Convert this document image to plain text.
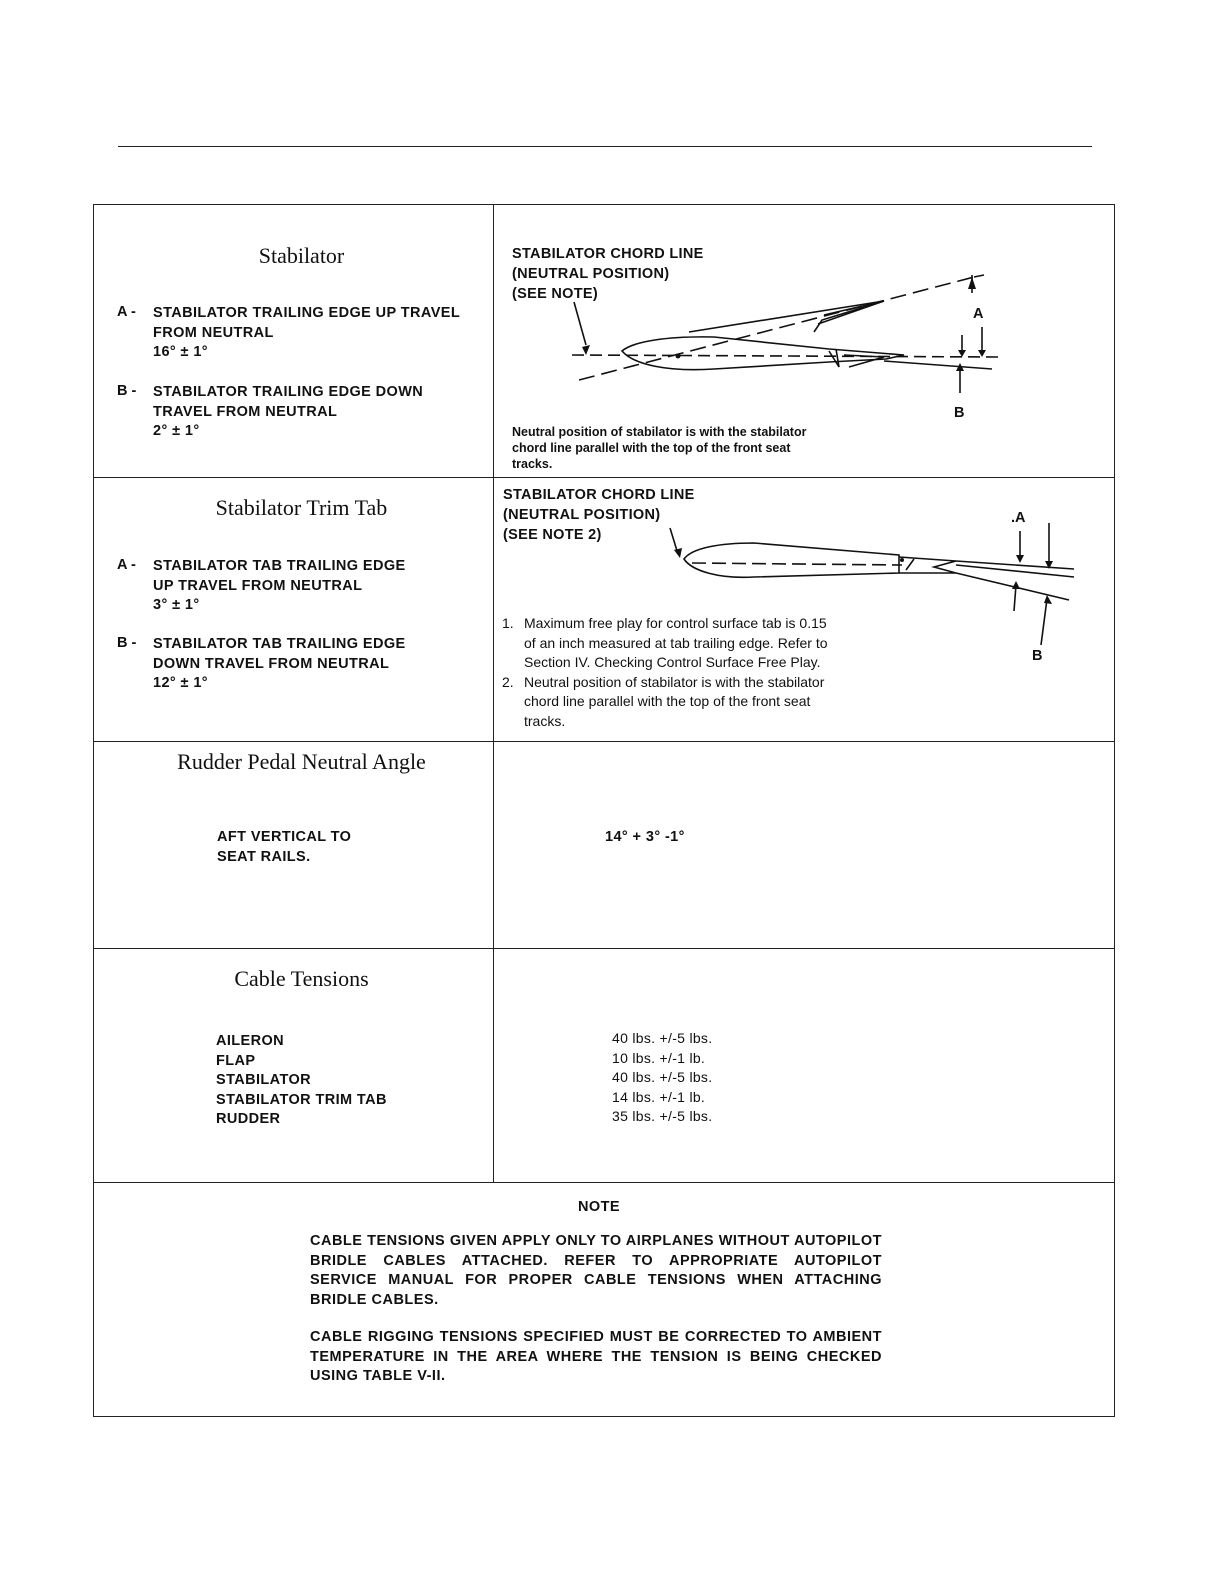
Stabilator
A - STABILATOR TRAILING EDGE UP TRAVEL
FROM NEUTRAL
16° ± 1°
B - STABILATOR TRAILING EDGE DOWN
TRAVEL FROM NEUTRAL
2° ± 1°
STABILATOR CHORD LINE
(NEUTRAL POSITION)
(SEE NOTE)
A
B
Neutral position of stabilator is with the stabilator
chord line parallel with the top of the front seat
tracks.
Stabilator Trim Tab
A - STABILATOR TAB TRAILING EDGE
UP TRAVEL FROM NEUTRAL
3° ± 1°
B - STABILATOR TAB TRAILING EDGE
DOWN TRAVEL FROM NEUTRAL
12° ± 1°
STABILATOR CHORD LINE
(NEUTRAL POSITION)
(SEE NOTE 2)
.A
B
1. Maximum free play for control surface tab is 0.15
of an inch measured at tab trailing edge. Refer to
Section IV. Checking Control Surface Free Play.
2. Neutral position of stabilator is with the stabilator
chord line parallel with the top of the front seat
tracks.
Rudder Pedal Neutral Angle
AFT VERTICAL TO
SEAT RAILS.
14° + 3° -1°
Cable Tensions
AILERON
FLAP
STABILATOR
STABILATOR TRIM TAB
RUDDER
40 lbs. +/-5 lbs.
10 lbs. +/-1 lb.
40 lbs. +/-5 lbs.
14 lbs. +/-1 lb.
35 lbs. +/-5 lbs.
NOTE
CABLE TENSIONS GIVEN APPLY ONLY TO AIRPLANES WITHOUT AUTOPILOT BRIDLE CABLES ATTACHED. REFER TO APPROPRIATE AUTOPILOT SERVICE MANUAL FOR PROPER CABLE TENSIONS WHEN ATTACHING BRIDLE CABLES.
CABLE RIGGING TENSIONS SPECIFIED MUST BE CORRECTED TO AMBIENT TEMPERATURE IN THE AREA WHERE THE TENSION IS BEING CHECKED USING TABLE V-II.
